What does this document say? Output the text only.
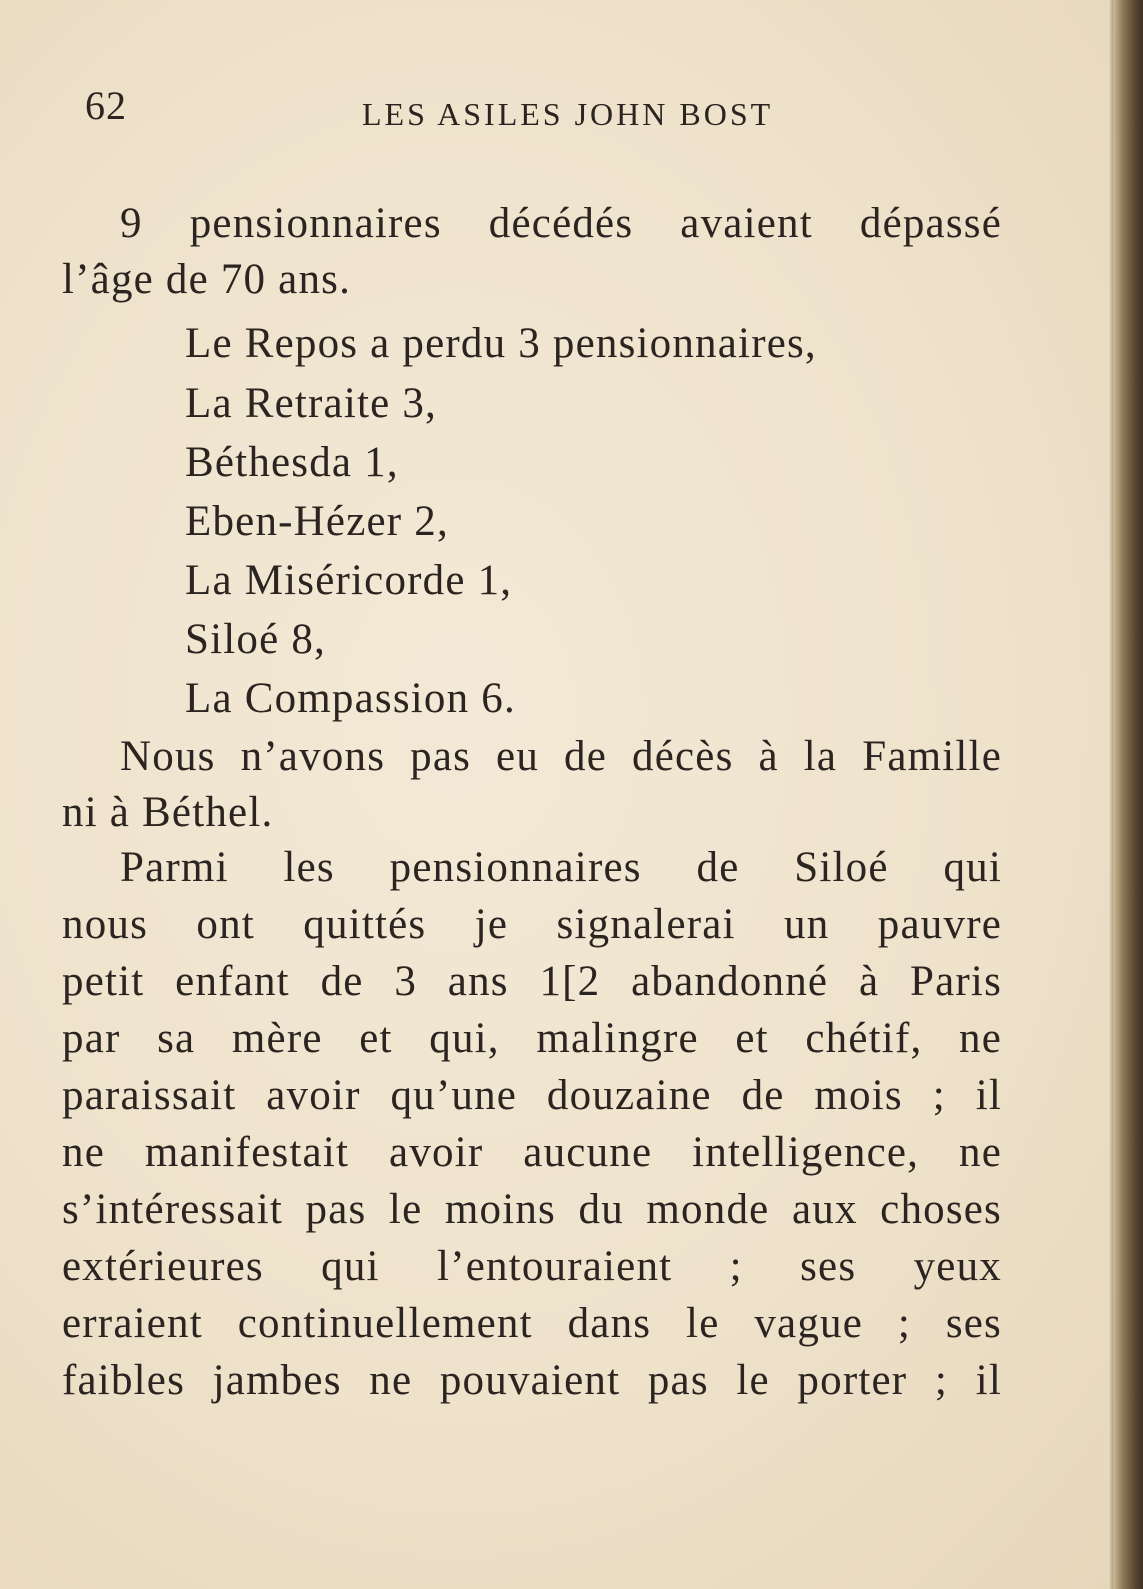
62	LES ASILES JOHN BOST
9 pensionnaires décédés avaient dépassé
l’âge de 70 ans.
Le Repos a perdu 3 pensionnaires,
La Retraite 3,
Béthesda 1,
Eben-Hézer 2,
La Miséricorde 1,
Siloé 8,
La Compassion 6.
Nous n’avons pas eu de décès à la Famille
ni à Béthel.
Parmi les pensionnaires de Siloé qui
nous ont quittés je signalerai un pauvre
petit enfant de 3 ans 1[2 abandonné à Paris
par sa mère et qui, malingre et chétif, ne
paraissait avoir qu’une douzaine de mois ; il
ne manifestait avoir aucune intelligence, ne
s’intéressait pas le moins du monde aux choses
extérieures qui l’entouraient ; ses yeux
erraient continuellement dans le vague ; ses
faibles jambes ne pouvaient pas le porter ; il
